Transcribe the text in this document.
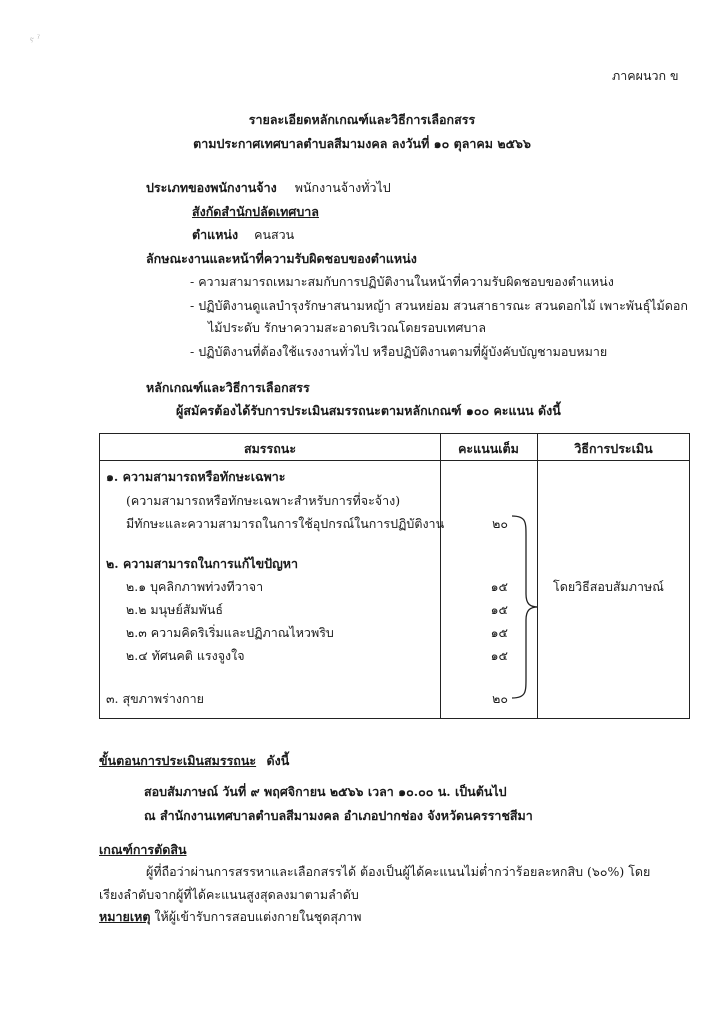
ⲋ ˀ
ภาคผนวก ข
รายละเอียดหลักเกณฑ์และวิธีการเลือกสรร
ตามประกาศเทศบาลตำบลสีมามงคล ลงวันที่ ๑๐ ตุลาคม ๒๕๖๖
ประเภทของพนักงานจ้าง พนักงานจ้างทั่วไป
สังกัดสำนักปลัดเทศบาล
ตำแหน่ง คนสวน
ลักษณะงานและหน้าที่ความรับผิดชอบของตำแหน่ง
- ความสามารถเหมาะสมกับการปฏิบัติงานในหน้าที่ความรับผิดชอบของตำแหน่ง
- ปฏิบัติงานดูแลบำรุงรักษาสนามหญ้า สวนหย่อม สวนสาธารณะ สวนดอกไม้ เพาะพันธุ์ไม้ดอก
ไม้ประดับ รักษาความสะอาดบริเวณโดยรอบเทศบาล
- ปฏิบัติงานที่ต้องใช้แรงงานทั่วไป หรือปฏิบัติงานตามที่ผู้บังคับบัญชามอบหมาย
หลักเกณฑ์และวิธีการเลือกสรร
ผู้สมัครต้องได้รับการประเมินสมรรถนะตามหลักเกณฑ์ ๑๐๐ คะแนน ดังนี้
สมรรถนะ	คะแนนเต็ม	วิธีการประเมิน
๑. ความสามารถหรือทักษะเฉพาะ
(ความสามารถหรือทักษะเฉพาะสำหรับการที่จะจ้าง)
มีทักษะและความสามารถในการใช้อุปกรณ์ในการปฏิบัติงาน	๒๐
๒. ความสามารถในการแก้ไขปัญหา
๒.๑ บุคลิกภาพท่วงทีวาจา	๑๕
๒.๒ มนุษย์สัมพันธ์	๑๕
๒.๓ ความคิดริเริ่มและปฏิภาณไหวพริบ	๑๕
๒.๔ ทัศนคติ แรงจูงใจ	๑๕
๓. สุขภาพร่างกาย	๒๐
โดยวิธีสอบสัมภาษณ์
ขั้นตอนการประเมินสมรรถนะ ดังนี้
สอบสัมภาษณ์ วันที่ ๙ พฤศจิกายน ๒๕๖๖ เวลา ๑๐.๐๐ น. เป็นต้นไป
ณ สำนักงานเทศบาลตำบลสีมามงคล อำเภอปากช่อง จังหวัดนครราชสีมา
เกณฑ์การตัดสิน
ผู้ที่ถือว่าผ่านการสรรหาและเลือกสรรได้ ต้องเป็นผู้ได้คะแนนไม่ต่ำกว่าร้อยละหกสิบ (๖๐%) โดย
เรียงลำดับจากผู้ที่ได้คะแนนสูงสุดลงมาตามลำดับ
หมายเหตุ ให้ผู้เข้ารับการสอบแต่งกายในชุดสุภาพ
